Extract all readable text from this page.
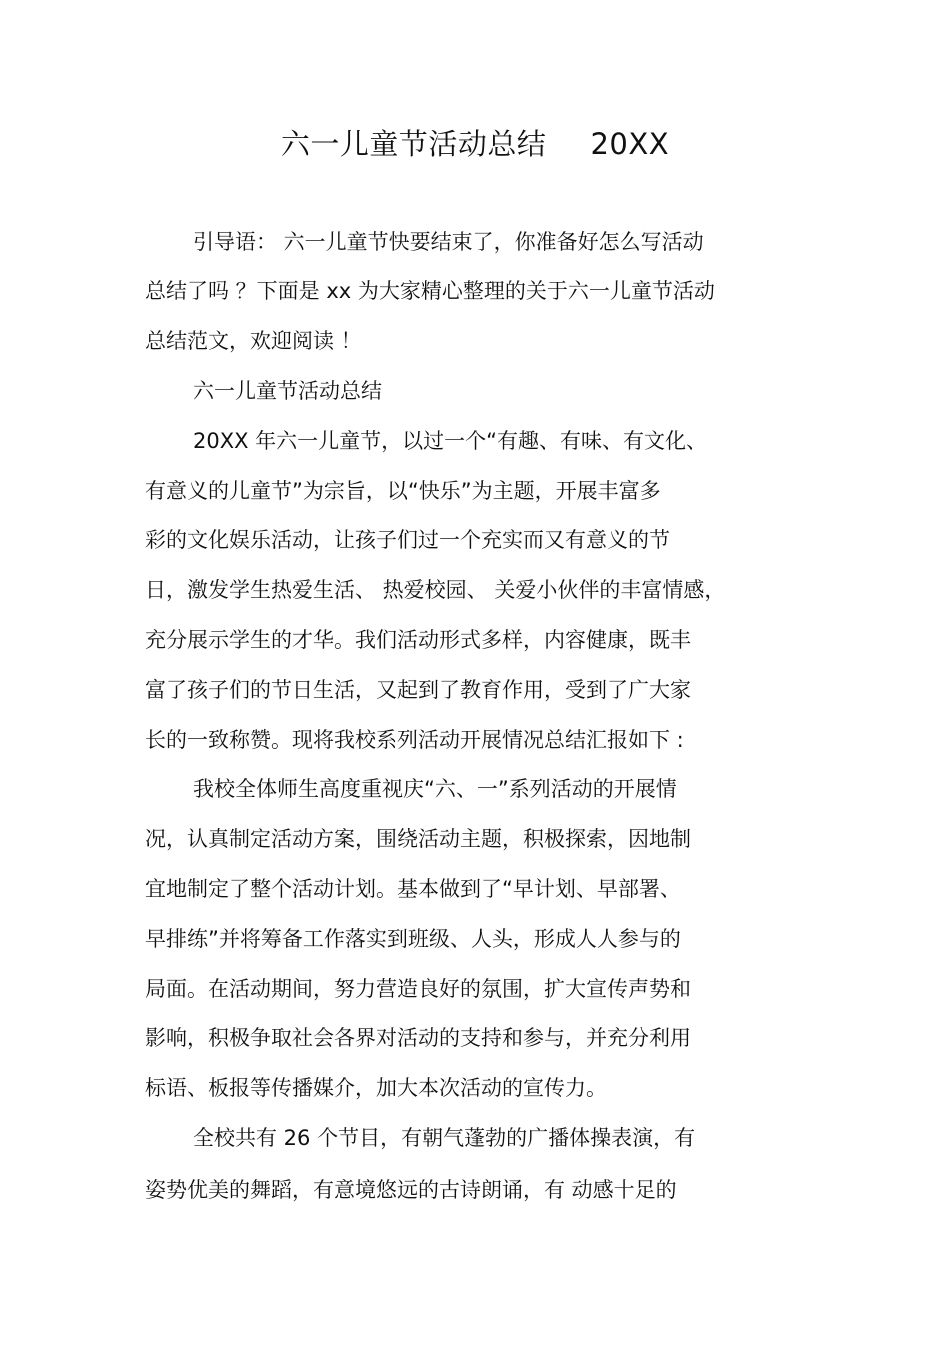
六一儿童节活动总结 20XX
引导语： 六一儿童节快要结束了，你准备好怎么写活动
总结了吗 ？下面是 xx 为大家精心整理的关于六一儿童节活动
总结范文，欢迎阅读 ！
六一儿童节活动总结
20XX 年六一儿童节，以过一个“有趣、有味、有文化、
有意义的儿童节”为宗旨，以“快乐”为主题，开展丰富多
彩的文化娱乐活动，让孩子们过一个充实而又有意义的节
日，激发学生热爱生活、 热爱校园、 关爱小伙伴的丰富情感，
充分展示学生的才华。我们活动形式多样，内容健康，既丰
富了孩子们的节日生活，又起到了教育作用，受到了广大家
长的一致称赞。现将我校系列活动开展情况总结汇报如下 :
我校全体师生高度重视庆“六、一”系列活动的开展情
况，认真制定活动方案，围绕活动主题，积极探索，因地制
宜地制定了整个活动计划。基本做到了“早计划、早部署、
早排练”并将筹备工作落实到班级、人头，形成人人参与的
局面。在活动期间，努力营造良好的氛围，扩大宣传声势和
影响，积极争取社会各界对活动的支持和参与，并充分利用
标语、板报等传播媒介，加大本次活动的宣传力。
全校共有 26 个节目，有朝气蓬勃的广播体操表演，有
姿势优美的舞蹈，有意境悠远的古诗朗诵，有 动感十足的
